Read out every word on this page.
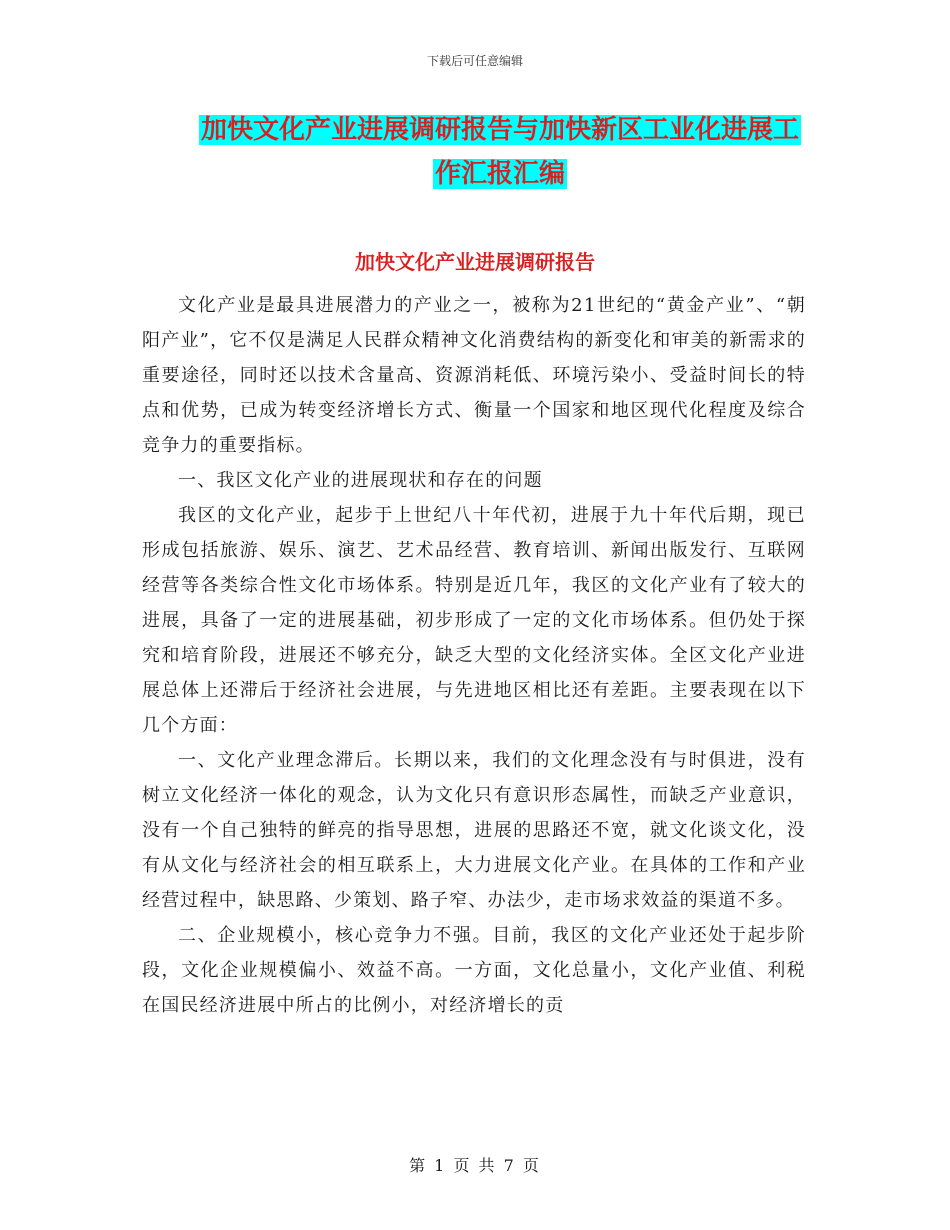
下载后可任意编辑
加快文化产业进展调研报告与加快新区工业化进展工
作汇报汇编
加快文化产业进展调研报告

文化产业是最具进展潜力的产业之一，被称为21世纪的“黄金产业”、“朝阳产业”，它不仅是满足人民群众精神文化消费结构的新变化和审美的新需求的重要途径，同时还以技术含量高、资源消耗低、环境污染小、受益时间长的特点和优势，已成为转变经济增长方式、衡量一个国家和地区现代化程度及综合竞争力的重要指标。

一、我区文化产业的进展现状和存在的问题

我区的文化产业，起步于上世纪八十年代初，进展于九十年代后期，现已形成包括旅游、娱乐、演艺、艺术品经营、教育培训、新闻出版发行、互联网经营等各类综合性文化市场体系。特别是近几年，我区的文化产业有了较大的进展，具备了一定的进展基础，初步形成了一定的文化市场体系。但仍处于探究和培育阶段，进展还不够充分，缺乏大型的文化经济实体。全区文化产业进展总体上还滞后于经济社会进展，与先进地区相比还有差距。主要表现在以下几个方面：

一、文化产业理念滞后。长期以来，我们的文化理念没有与时俱进，没有树立文化经济一体化的观念，认为文化只有意识形态属性，而缺乏产业意识，没有一个自己独特的鲜亮的指导思想，进展的思路还不宽，就文化谈文化，没有从文化与经济社会的相互联系上，大力进展文化产业。在具体的工作和产业经营过程中，缺思路、少策划、路子窄、办法少，走市场求效益的渠道不多。

二、企业规模小，核心竞争力不强。目前，我区的文化产业还处于起步阶段，文化企业规模偏小、效益不高。一方面，文化总量小，文化产业值、利税在国民经济进展中所占的比例小，对经济增长的贡

第 1 页 共 7 页
